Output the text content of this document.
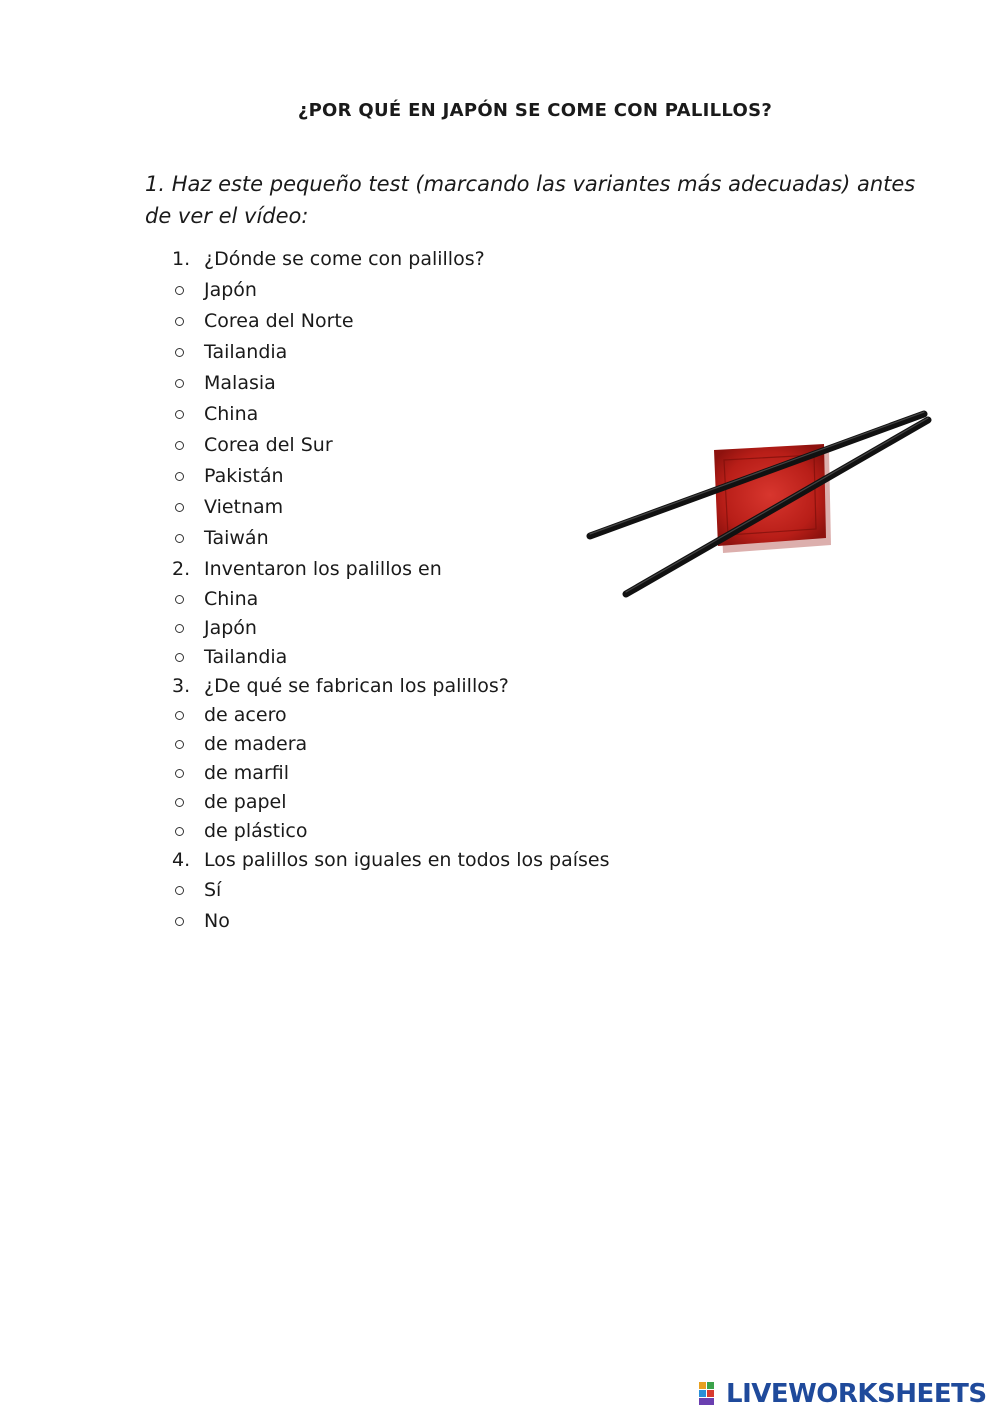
¿POR QUÉ EN JAPÓN SE COME CON PALILLOS?
1. Haz este pequeño test (marcando las variantes más adecuadas) antes de ver el vídeo:
1. ¿Dónde se come con palillos?
Japón
Corea del Norte
Tailandia
Malasia
China
Corea del Sur
Pakistán
Vietnam
Taiwán
2. Inventaron los palillos en
China
Japón
Tailandia
3. ¿De qué se fabrican los palillos?
de acero
de madera
de marfil
de papel
de plástico
4. Los palillos son iguales en todos los países
Sí
No
LIVEWORKSHEETS
